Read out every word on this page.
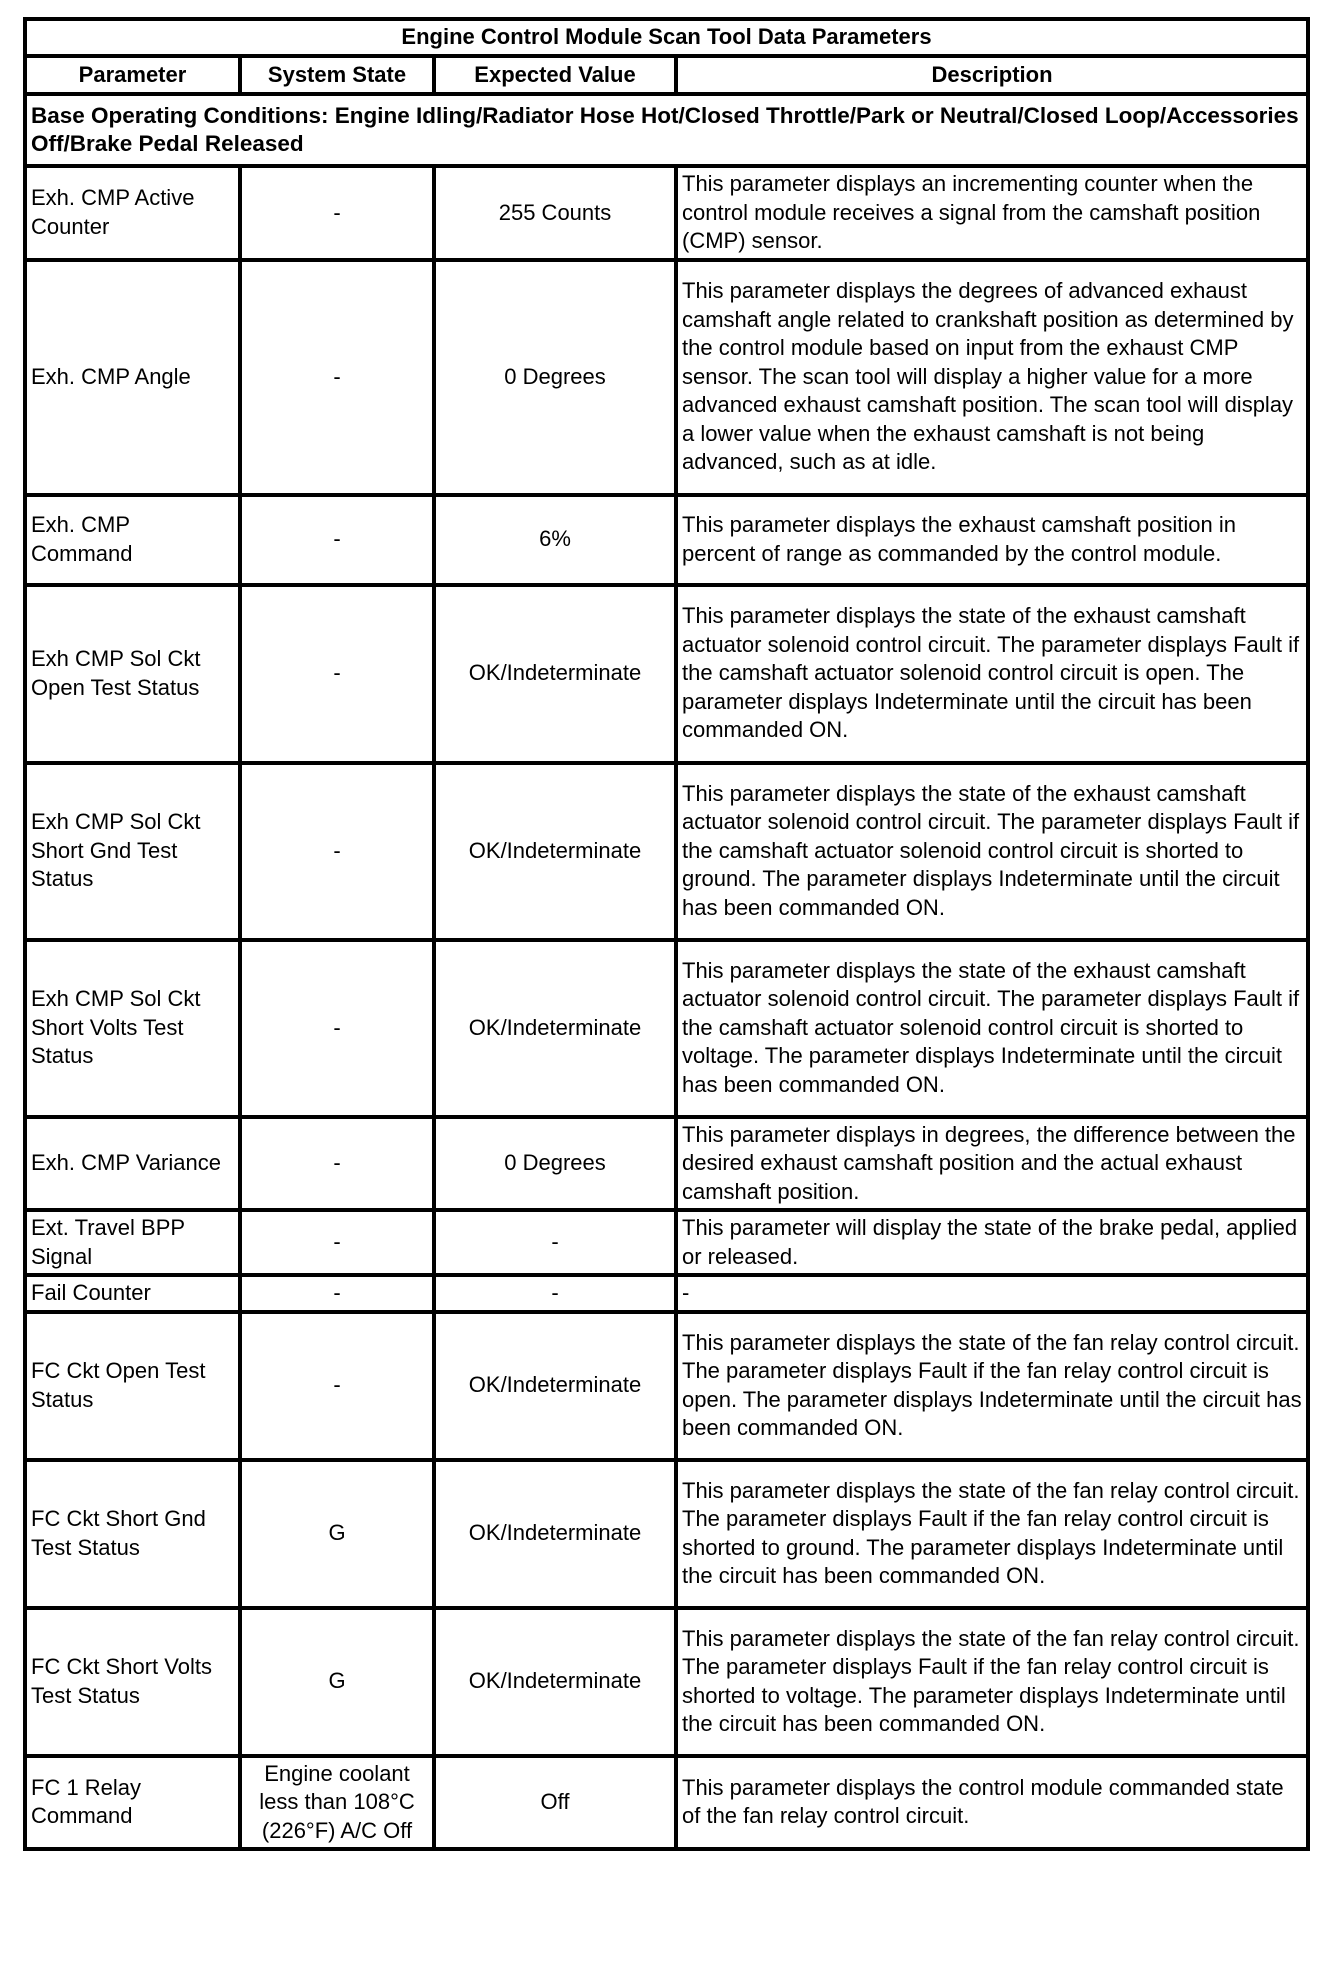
Engine Control Module Scan Tool Data Parameters			
Parameter	System State	Expected Value	Description
Base Operating Conditions: Engine Idling/Radiator Hose Hot/Closed Throttle/Park or Neutral/Closed Loop/Accessories Off/Brake Pedal Released			
Exh. CMP Active Counter	-	255 Counts	This parameter displays an incrementing counter when the control module receives a signal from the camshaft position (CMP) sensor.
Exh. CMP Angle	-	0 Degrees	This parameter displays the degrees of advanced exhaust camshaft angle related to crankshaft position as determined by the control module based on input from the exhaust CMP sensor. The scan tool will display a higher value for a more advanced exhaust camshaft position. The scan tool will display a lower value when the exhaust camshaft is not being advanced, such as at idle.
Exh. CMP Command	-	6%	This parameter displays the exhaust camshaft position in percent of range as commanded by the control module.
Exh CMP Sol Ckt Open Test Status	-	OK/Indeterminate	This parameter displays the state of the exhaust camshaft actuator solenoid control circuit. The parameter displays Fault if the camshaft actuator solenoid control circuit is open. The parameter displays Indeterminate until the circuit has been commanded ON.
Exh CMP Sol Ckt Short Gnd Test Status	-	OK/Indeterminate	This parameter displays the state of the exhaust camshaft actuator solenoid control circuit. The parameter displays Fault if the camshaft actuator solenoid control circuit is shorted to ground. The parameter displays Indeterminate until the circuit has been commanded ON.
Exh CMP Sol Ckt Short Volts Test Status	-	OK/Indeterminate	This parameter displays the state of the exhaust camshaft actuator solenoid control circuit. The parameter displays Fault if the camshaft actuator solenoid control circuit is shorted to voltage. The parameter displays Indeterminate until the circuit has been commanded ON.
Exh. CMP Variance	-	0 Degrees	This parameter displays in degrees, the difference between the desired exhaust camshaft position and the actual exhaust camshaft position.
Ext. Travel BPP Signal	-	-	This parameter will display the state of the brake pedal, applied or released.
Fail Counter	-	-	-
FC Ckt Open Test Status	-	OK/Indeterminate	This parameter displays the state of the fan relay control circuit. The parameter displays Fault if the fan relay control circuit is open. The parameter displays Indeterminate until the circuit has been commanded ON.
FC Ckt Short Gnd Test Status	G	OK/Indeterminate	This parameter displays the state of the fan relay control circuit. The parameter displays Fault if the fan relay control circuit is shorted to ground. The parameter displays Indeterminate until the circuit has been commanded ON.
FC Ckt Short Volts Test Status	G	OK/Indeterminate	This parameter displays the state of the fan relay control circuit. The parameter displays Fault if the fan relay control circuit is shorted to voltage. The parameter displays Indeterminate until the circuit has been commanded ON.
FC 1 Relay Command	Engine coolant less than 108°C (226°F) A/C Off	Off	This parameter displays the control module commanded state of the fan relay control circuit.
